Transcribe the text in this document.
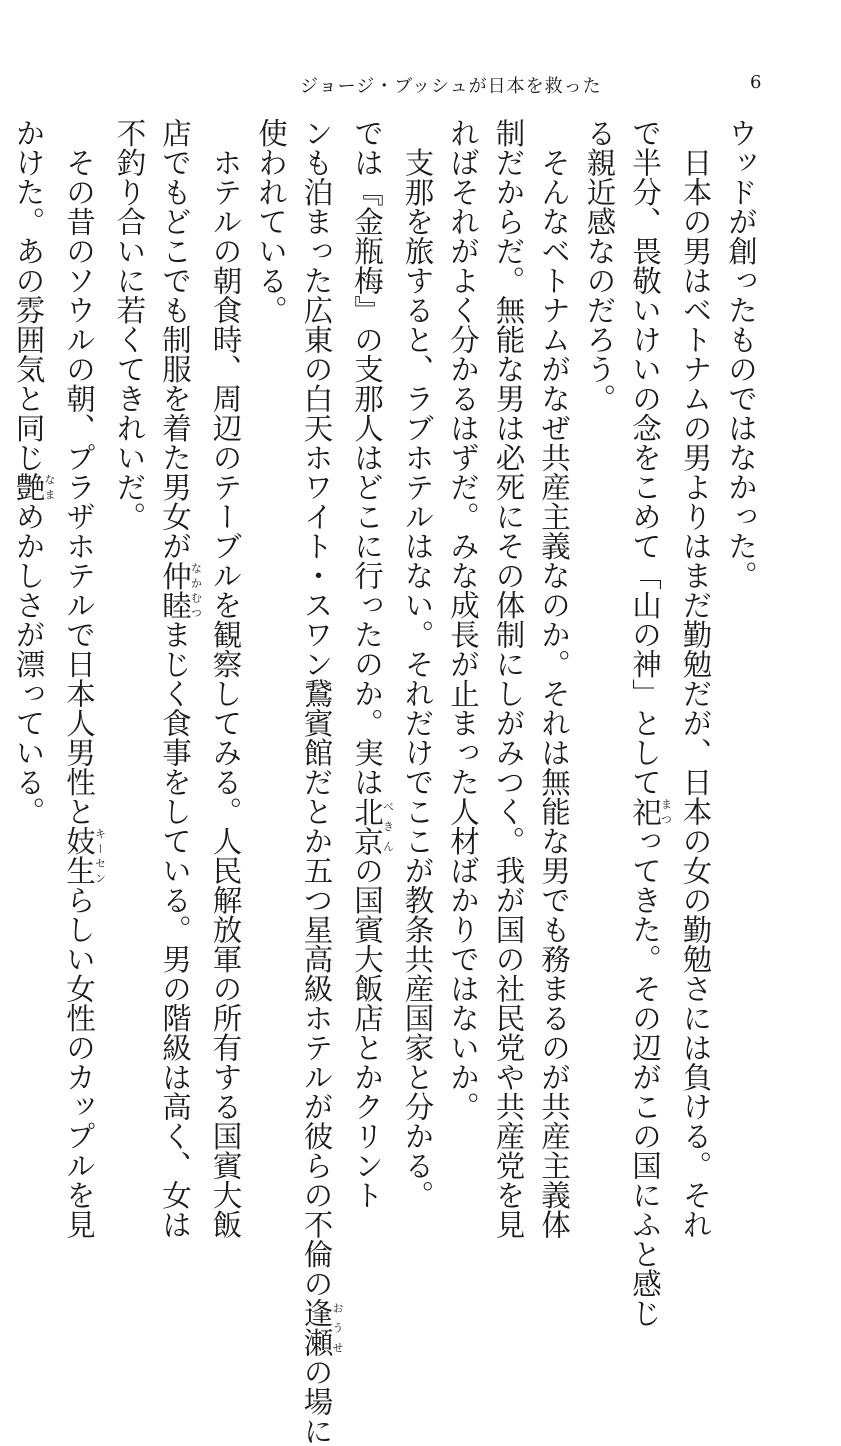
ジョージ・ブッシュが日本を救った	6
ウッドが創ったものではなかった。
　日本の男はベトナムの男よりはまだ勤勉だが、日本の女の勤勉さには負ける。それ
で半分、畏敬いけいの念をこめて「山の神」として祀まつってきた。その辺がこの国にふと感じ
る親近感なのだろう。
　そんなベトナムがなぜ共産主義なのか。それは無能な男でも務まるのが共産主義体
制だからだ。無能な男は必死にその体制にしがみつく。我が国の社民党や共産党を見
ればそれがよく分かるはずだ。みな成長が止まった人材ばかりではないか。
　支那を旅すると、ラブホテルはない。それだけでここが教条共産国家と分かる。
では『金瓶梅』の支那人はどこに行ったのか。実は北京べきんの国賓大飯店とかクリント
ンも泊まった広東の白天ホワイト・スワン鵞賓館だとか五つ星高級ホテルが彼らの不倫の逢瀬おうせの場に
使われている。
　ホテルの朝食時、周辺のテーブルを観察してみる。人民解放軍の所有する国賓大飯
店でもどこでも制服を着た男女が仲睦なかむつまじく食事をしている。男の階級は高く、女は
不釣り合いに若くてきれいだ。
　その昔のソウルの朝、プラザホテルで日本人男性と妓生キーセンらしい女性のカップルを見
かけた。あの雰囲気と同じ艶なまめかしさが漂っている。
